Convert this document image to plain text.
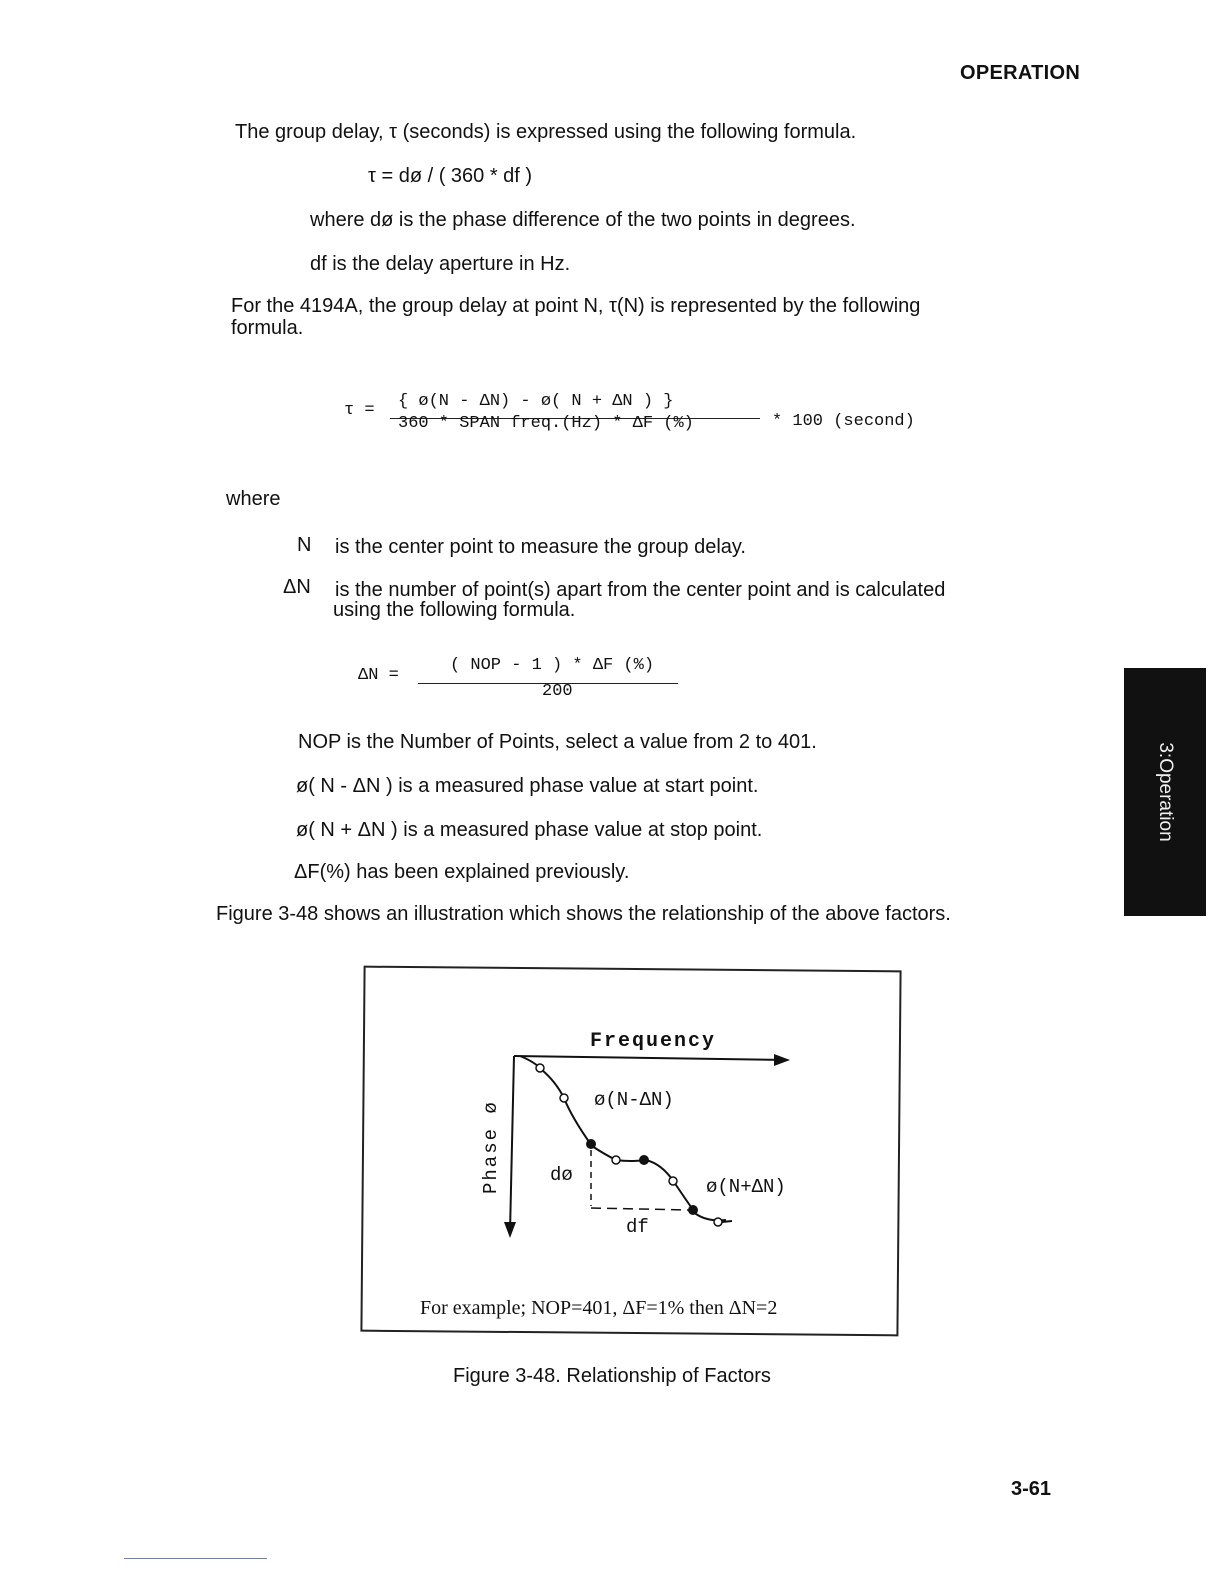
OPERATION
The group delay, τ (seconds) is expressed using the following formula.
τ = dø / ( 360 * df )
where dø is the phase difference of the two points in degrees.
df is the delay aperture in Hz.
For the 4194A, the group delay at point N, τ(N) is represented by the following
formula.
τ = { ø(N - ΔN) - ø( N + ΔN ) }
360 * SPAN freq.(Hz) * ΔF (%)	* 100 (second)
where
N is the center point to measure the group delay.
ΔN is the number of point(s) apart from the center point and is calculated
using the following formula.
ΔN =
( NOP - 1 ) * ΔF (%)
200
NOP is the Number of Points, select a value from 2 to 401.
ø( N - ΔN ) is a measured phase value at start point.
ø( N + ΔN ) is a measured phase value at stop point.
ΔF(%) has been explained previously.
Figure 3-48 shows an illustration which shows the relationship of the above factors.
Frequency
ø(N-ΔN)
ø(N+ΔN)
dø
df
Phase ø
For example; NOP=401, ΔF=1% then ΔN=2
Figure 3-48. Relationship of Factors
3:Operation
3-61
